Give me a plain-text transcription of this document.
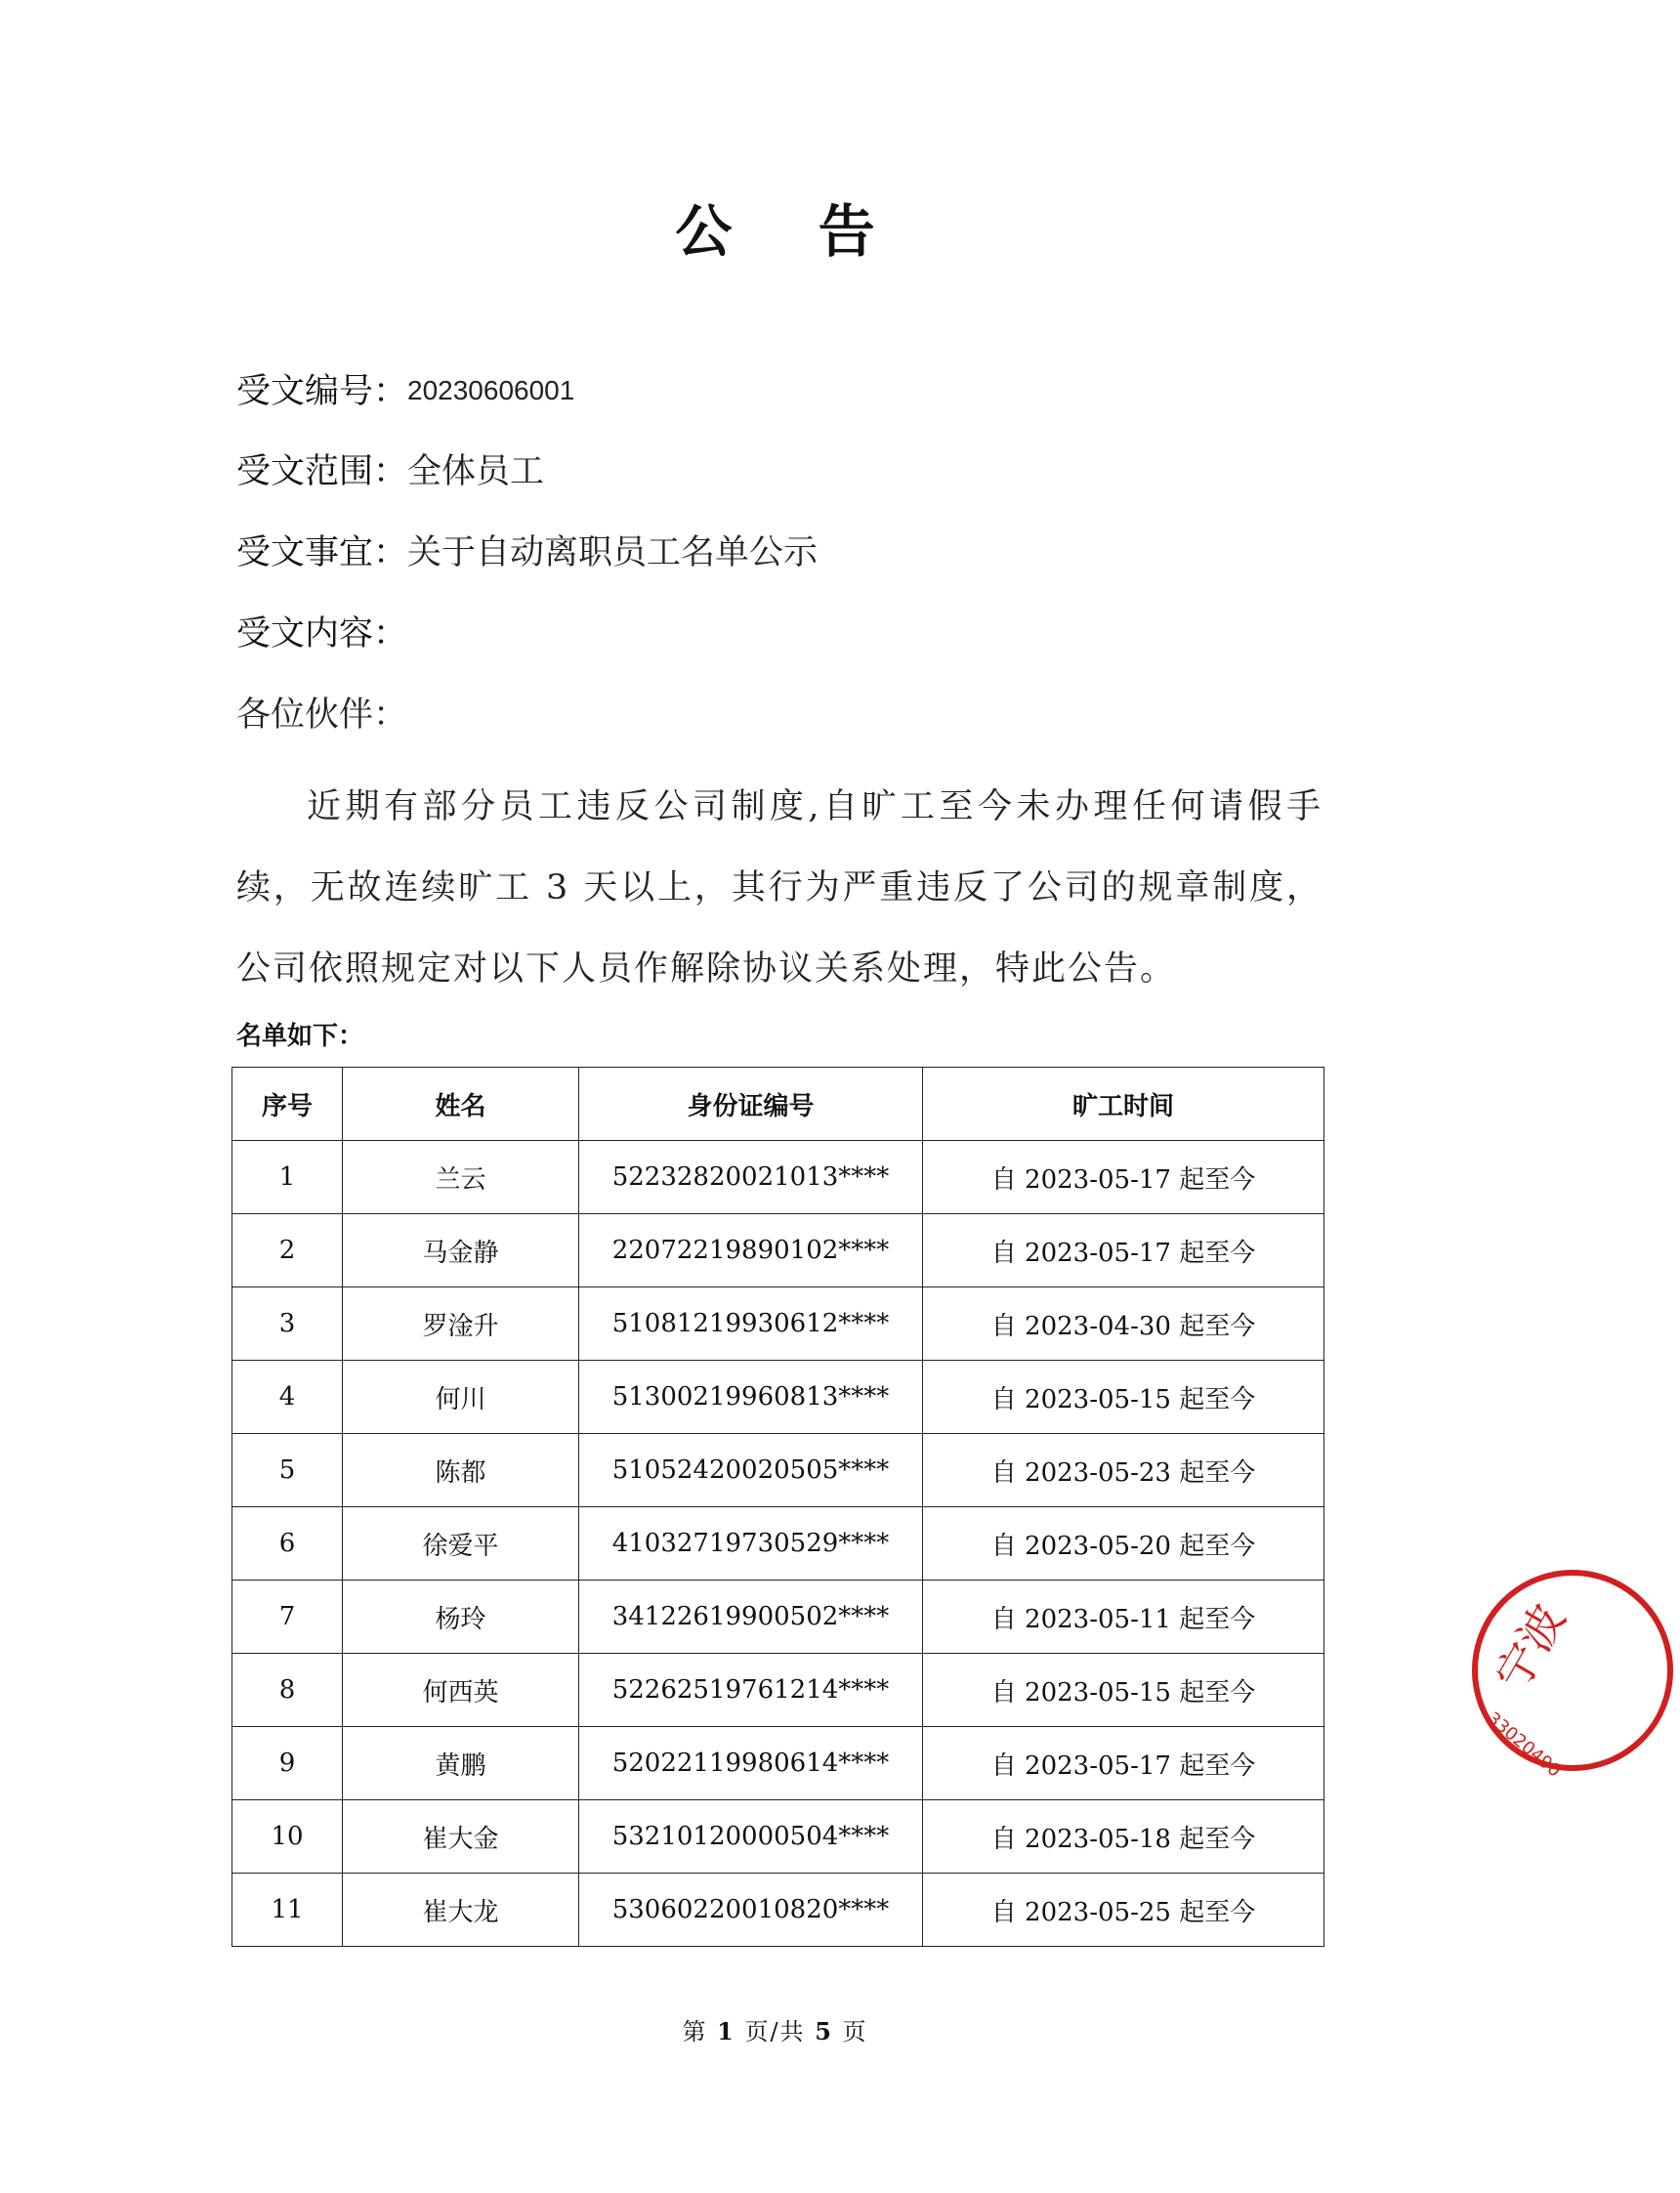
公 告
受文编号：20230606001
受文范围：全体员工
受文事宜：关于自动离职员工名单公示
受文内容：
各位伙伴：
近期有部分员工违反公司制度,自旷工至今未办理任何请假手续，无故连续旷工 3 天以上，其行为严重违反了公司的规章制度，公司依照规定对以下人员作解除协议关系处理，特此公告。
名单如下：
序号	姓名	身份证编号	旷工时间
1	兰云	52232820021013****	自 2023-05-17 起至今
2	马金静	22072219890102****	自 2023-05-17 起至今
3	罗淦升	51081219930612****	自 2023-04-30 起至今
4	何川	51300219960813****	自 2023-05-15 起至今
5	陈都	51052420020505****	自 2023-05-23 起至今
6	徐爱平	41032719730529****	自 2023-05-20 起至今
7	杨玲	34122619900502****	自 2023-05-11 起至今
8	何西英	52262519761214****	自 2023-05-15 起至今
9	黄鹏	52022119980614****	自 2023-05-17 起至今
10	崔大金	53210120000504****	自 2023-05-18 起至今
11	崔大龙	53060220010820****	自 2023-05-25 起至今
第 1 页/共 5 页
宁波
33020490
